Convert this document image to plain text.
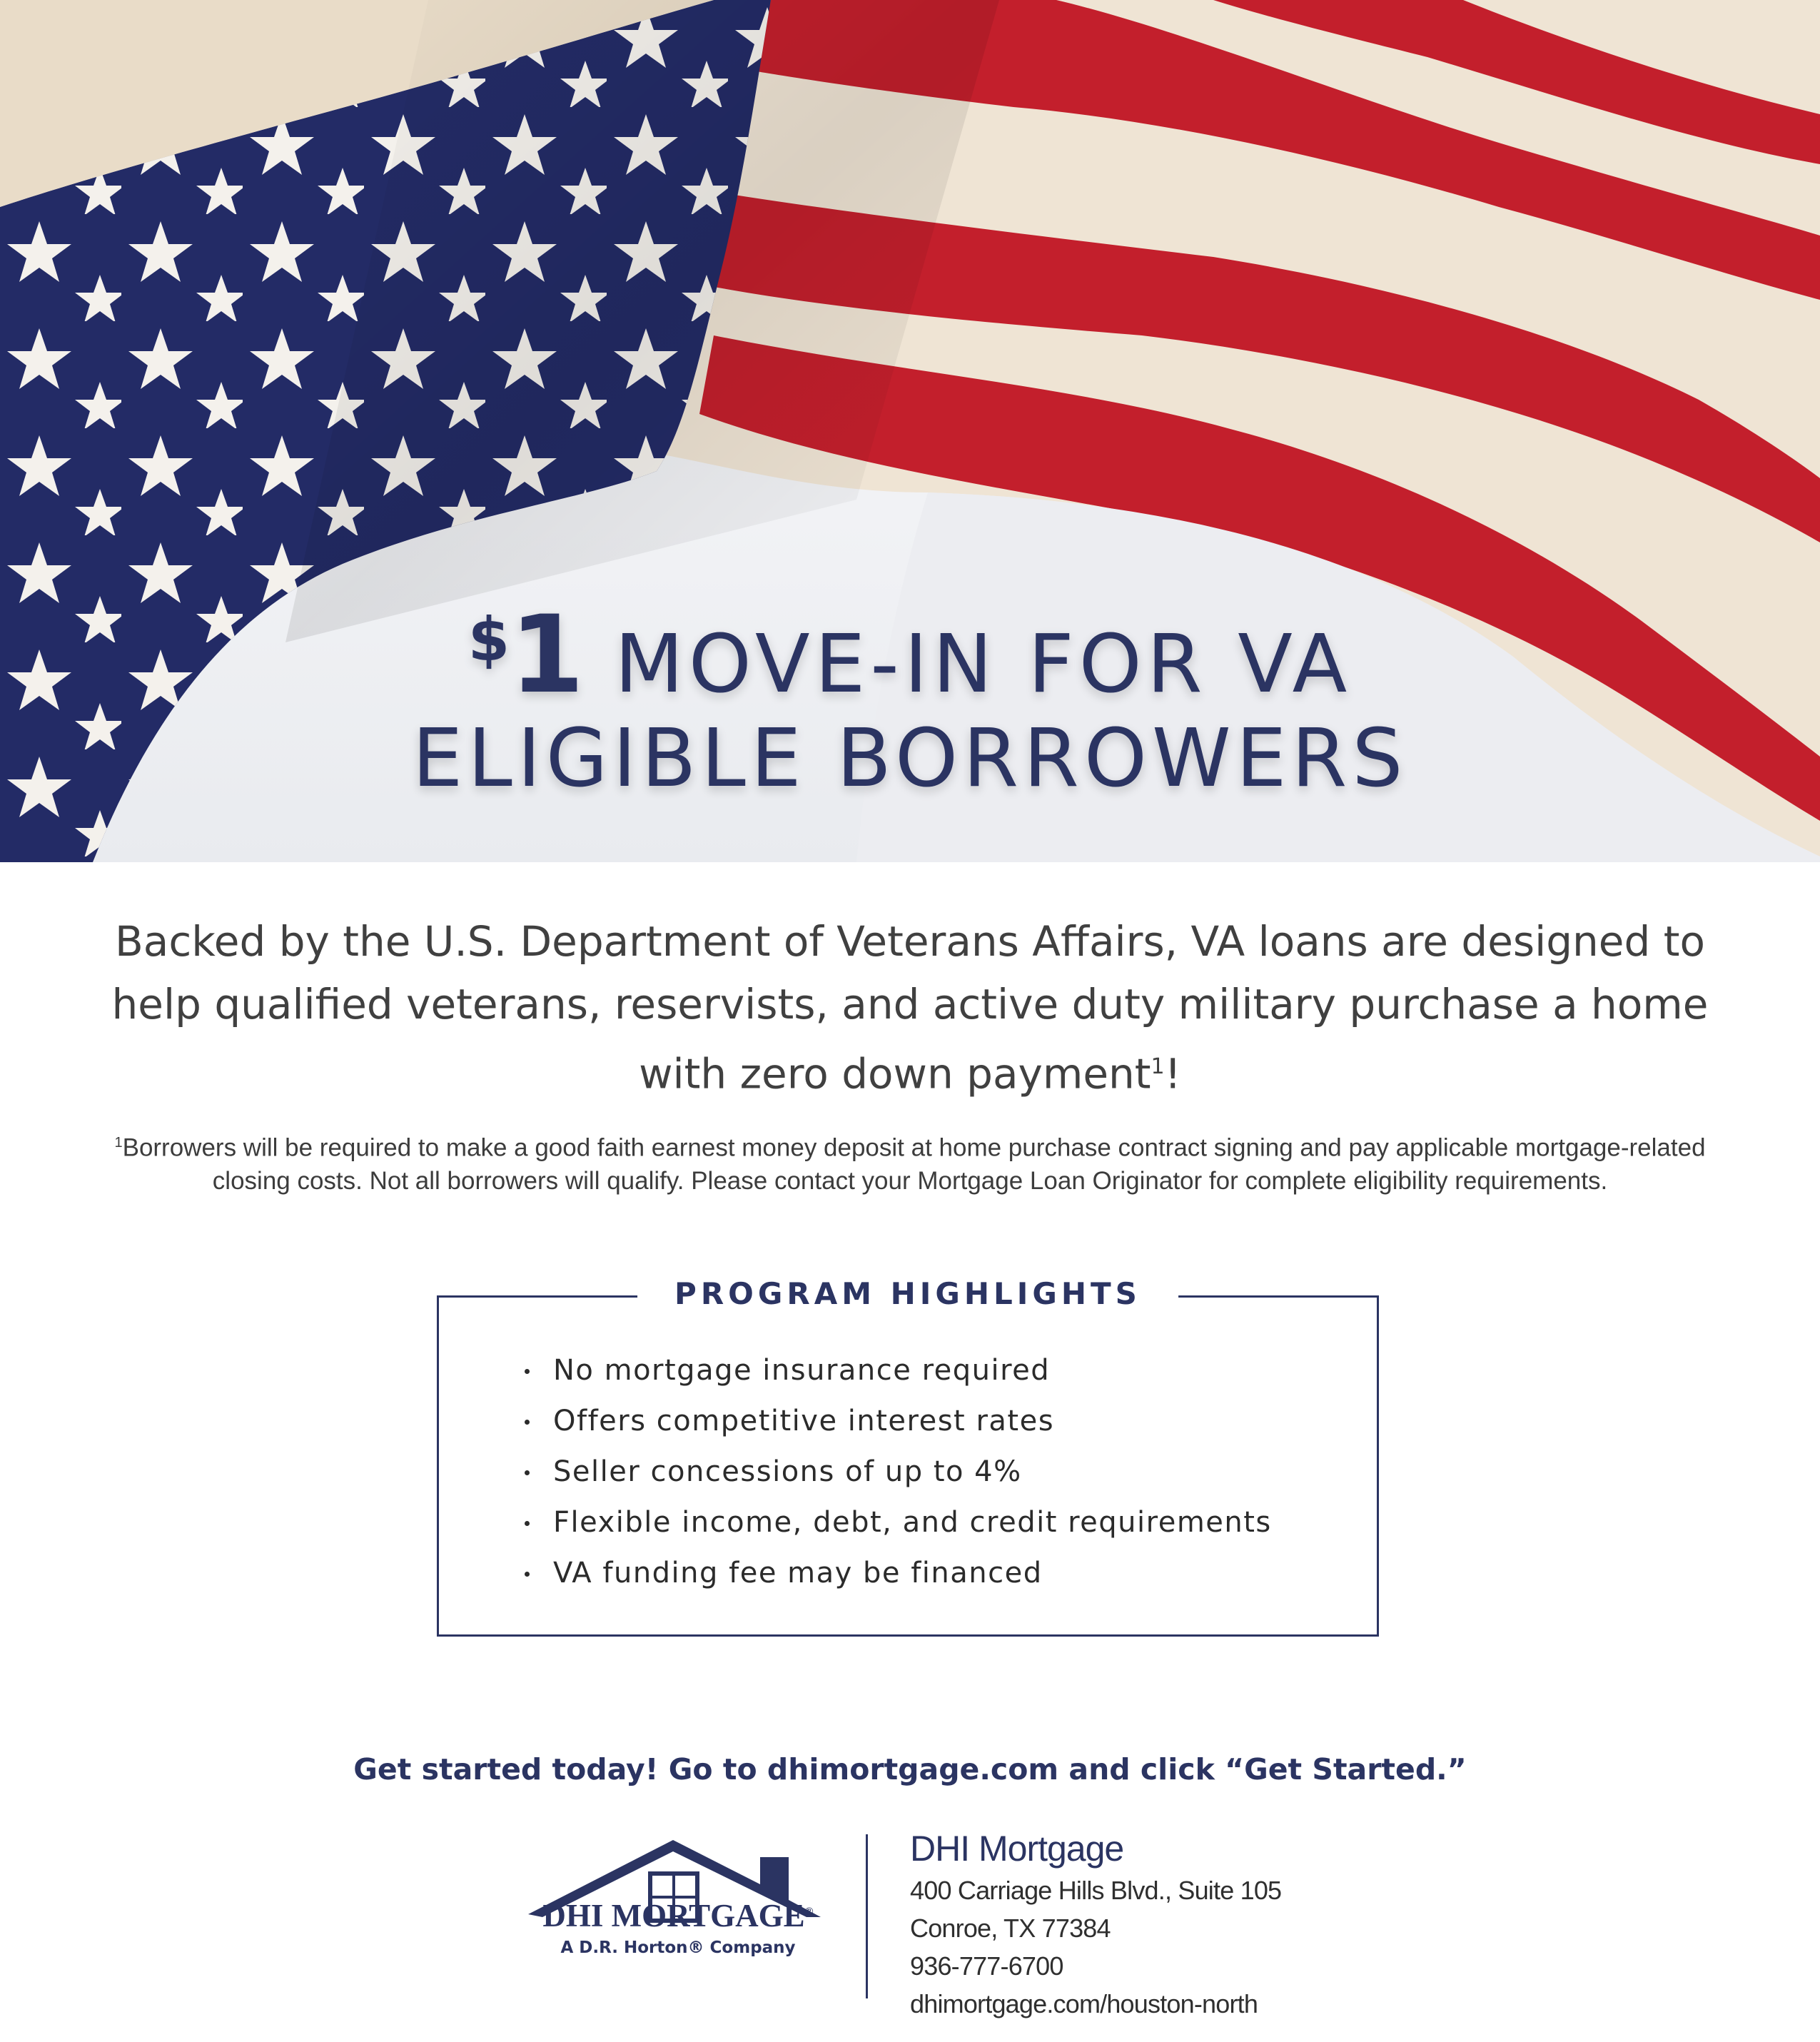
$1 MOVE-IN FOR VA
ELIGIBLE BORROWERS

Backed by the U.S. Department of Veterans Affairs, VA loans are designed to help qualified veterans, reservists, and active duty military purchase a home with zero down payment$^1$!

$^1$Borrowers will be required to make a good faith earnest money deposit at home purchase contract signing and pay applicable mortgage-related closing costs. Not all borrowers will qualify. Please contact your Mortgage Loan Originator for complete eligibility requirements.

PROGRAM HIGHLIGHTS
No mortgage insurance required
Offers competitive interest rates
Seller concessions of up to 4%
Flexible income, debt, and credit requirements
VA funding fee may be financed
Get started today! Go to dhimortgage.com and click “Get Started.”
DHI MORTGAGE®
A D.R. Horton® Company
DHI Mortgage
400 Carriage Hills Blvd., Suite 105
Conroe, TX 77384
936-777-6700
dhimortgage.com/houston-north
